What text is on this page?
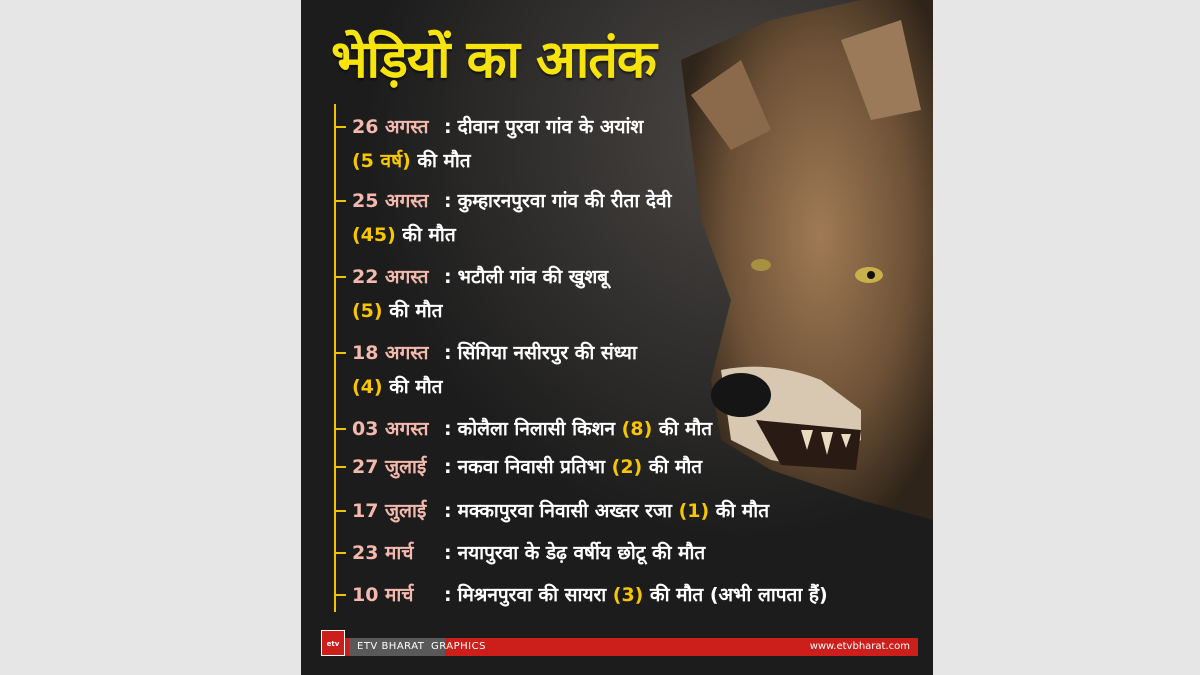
भेड़ियों का आतंक
26 अगस्त : दीवान पुरवा गांव के अयांश
(5 वर्ष) की मौत
25 अगस्त : कुम्हारनपुरवा गांव की रीता देवी
(45) की मौत
22 अगस्त : भटौली गांव की खुशबू
(5) की मौत
18 अगस्त : सिंगिया नसीरपुर की संध्या
(4) की मौत
03 अगस्त : कोलैला निलासी किशन (8) की मौत
27 जुलाई : नकवा निवासी प्रतिभा (2) की मौत
17 जुलाई : मक्कापुरवा निवासी अख्तर रजा (1) की मौत
23 मार्च : नयापुरवा के डेढ़ वर्षीय छोटू की मौत
10 मार्च : मिश्रनपुरवा की सायरा (3) की मौत (अभी लापता हैं)
ETV BHARAT GRAPHICS	www.etvbharat.com
etv
